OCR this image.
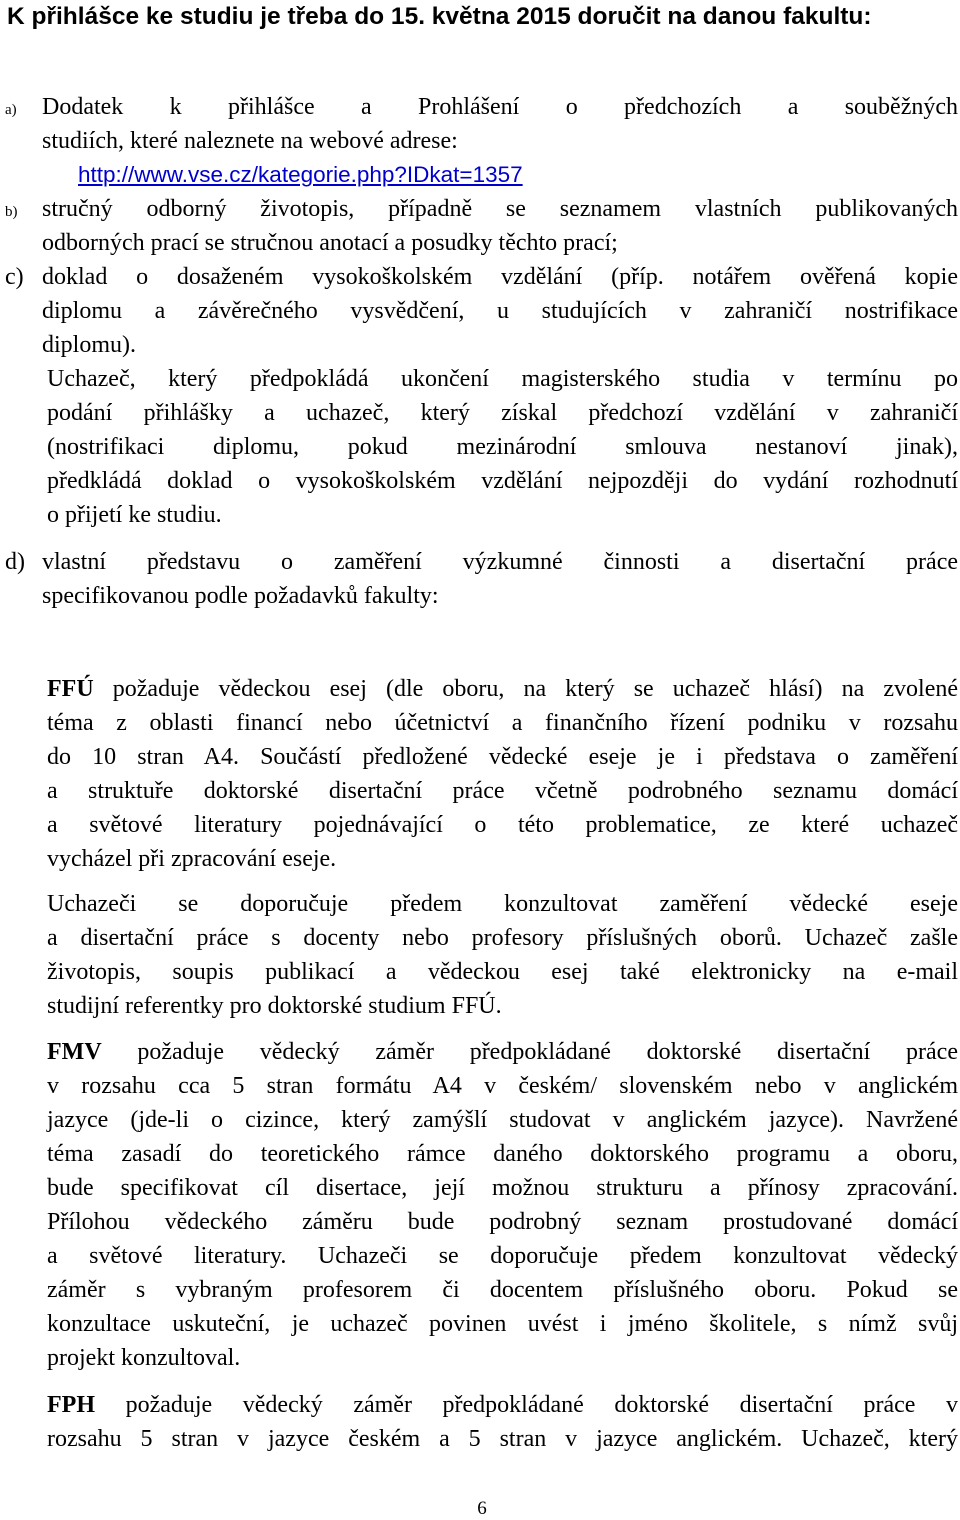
K přihlášce ke studiu je třeba do 15. května 2015 doručit na danou fakultu:
a) Dodatek k přihlášce a Prohlášení o předchozích a souběžných
studiích, které naleznete na webové adrese:
http://www.vse.cz/kategorie.php?IDkat=1357
b) stručný odborný životopis, případně se seznamem vlastních publikovaných
odborných prací se stručnou anotací a posudky těchto prací;
c) doklad o dosaženém vysokoškolském vzdělání (příp. notářem ověřená kopie
diplomu a závěrečného vysvědčení, u studujících v zahraničí nostrifikace
diplomu).
Uchazeč, který předpokládá ukončení magisterského studia v termínu po
podání přihlášky a uchazeč, který získal předchozí vzdělání v zahraničí
(nostrifikaci diplomu, pokud mezinárodní smlouva nestanoví jinak),
předkládá doklad o vysokoškolském vzdělání nejpozději do vydání rozhodnutí
o přijetí ke studiu.
d) vlastní představu o zaměření výzkumné činnosti a disertační práce
specifikovanou podle požadavků fakulty:
FFÚ požaduje vědeckou esej (dle oboru, na který se uchazeč hlásí) na zvolené
téma z oblasti financí nebo účetnictví a finančního řízení podniku v rozsahu
do 10 stran A4. Součástí předložené vědecké eseje je i představa o zaměření
a struktuře doktorské disertační práce včetně podrobného seznamu domácí
a světové literatury pojednávající o této problematice, ze které uchazeč
vycházel při zpracování eseje.
Uchazeči se doporučuje předem konzultovat zaměření vědecké eseje
a disertační práce s docenty nebo profesory příslušných oborů. Uchazeč zašle
životopis, soupis publikací a vědeckou esej také elektronicky na e-mail
studijní referentky pro doktorské studium FFÚ.
FMV požaduje vědecký záměr předpokládané doktorské disertační práce
v rozsahu cca 5 stran formátu A4 v českém/ slovenském nebo v anglickém
jazyce (jde-li o cizince, který zamýšlí studovat v anglickém jazyce). Navržené
téma zasadí do teoretického rámce daného doktorského programu a oboru,
bude specifikovat cíl disertace, její možnou strukturu a přínosy zpracování.
Přílohou vědeckého záměru bude podrobný seznam prostudované domácí
a světové literatury. Uchazeči se doporučuje předem konzultovat vědecký
záměr s vybraným profesorem či docentem příslušného oboru. Pokud se
konzultace uskuteční, je uchazeč povinen uvést i jméno školitele, s nímž svůj
projekt konzultoval.
FPH požaduje vědecký záměr předpokládané doktorské disertační práce v
rozsahu 5 stran v jazyce českém a 5 stran v jazyce anglickém. Uchazeč, který
6
